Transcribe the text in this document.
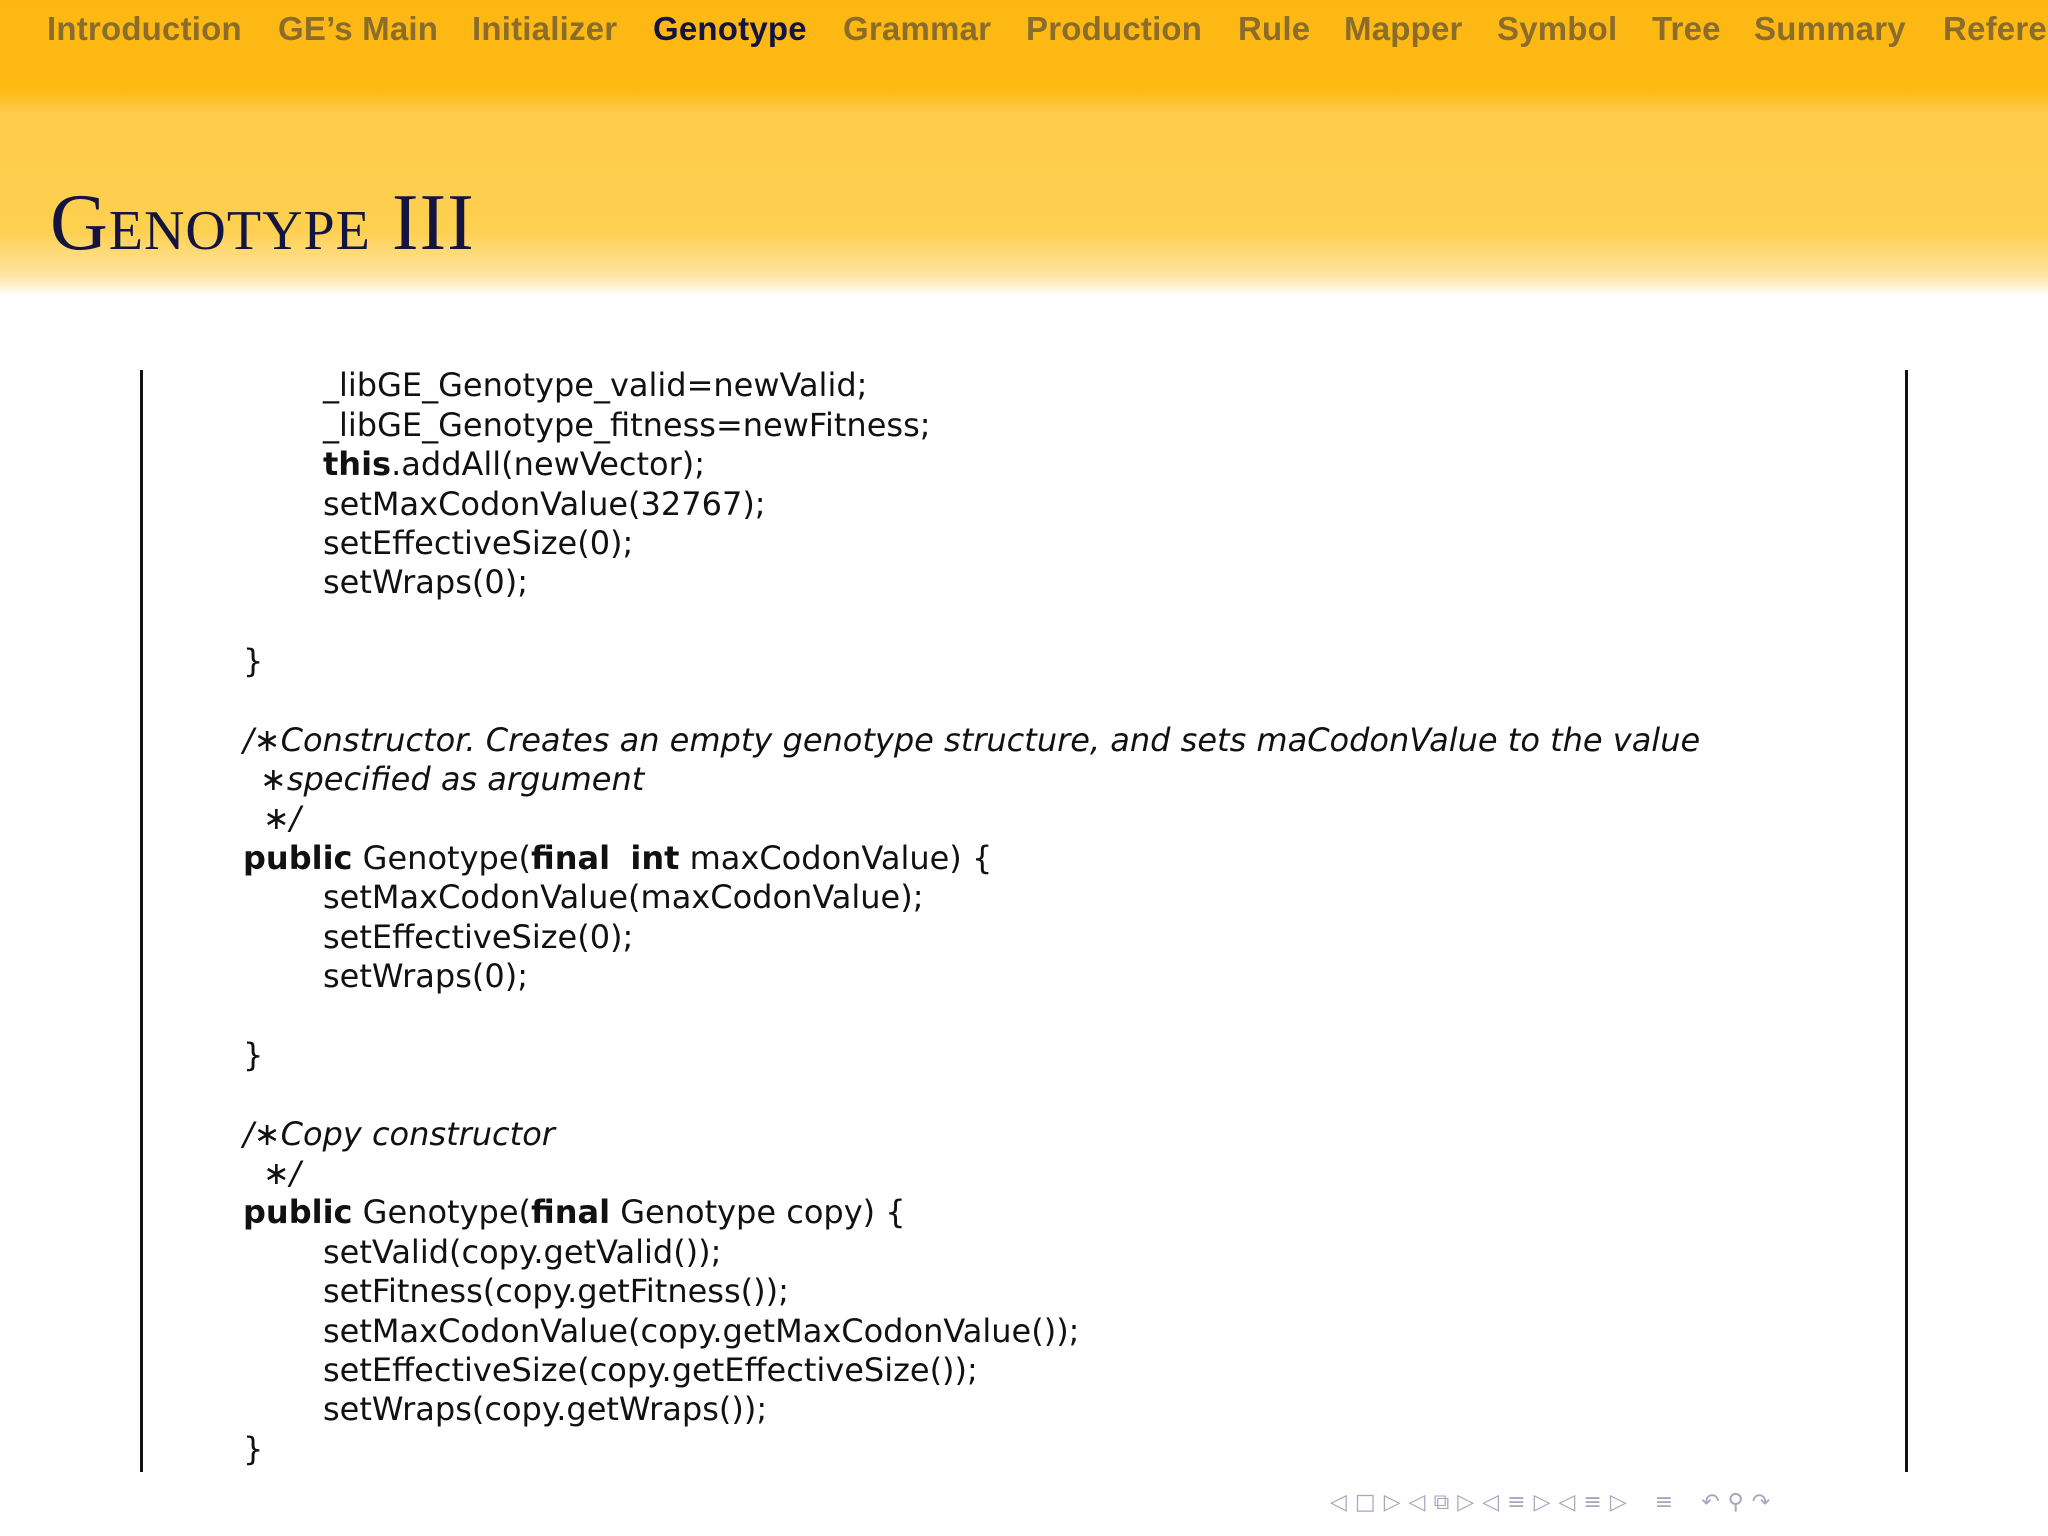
Introduction GE’s Main Initializer Genotype Grammar Production Rule Mapper Symbol Tree Summary Refere
Genotype III
_libGE_Genotype_valid=newValid;
_libGE_Genotype_fitness=newFitness;
this.addAll(newVector);
setMaxCodonValue(32767);
setEffectiveSize(0);
setWraps(0);
}
/∗Constructor. Creates an empty genotype structure, and sets maCodonValue to the value
∗specified as argument
∗/
public Genotype(final int maxCodonValue) {
setMaxCodonValue(maxCodonValue);
setEffectiveSize(0);
setWraps(0);
}
/∗Copy constructor
∗/
public Genotype(final Genotype copy) {
setValid(copy.getValid());
setFitness(copy.getFitness());
setMaxCodonValue(copy.getMaxCodonValue());
setEffectiveSize(copy.getEffectiveSize());
setWraps(copy.getWraps());
}
◁ □ ▷ ◁ ⧉ ▷ ◁ ≡ ▷ ◁ ≡ ▷ ≡ ↶ ⚲ ↷
